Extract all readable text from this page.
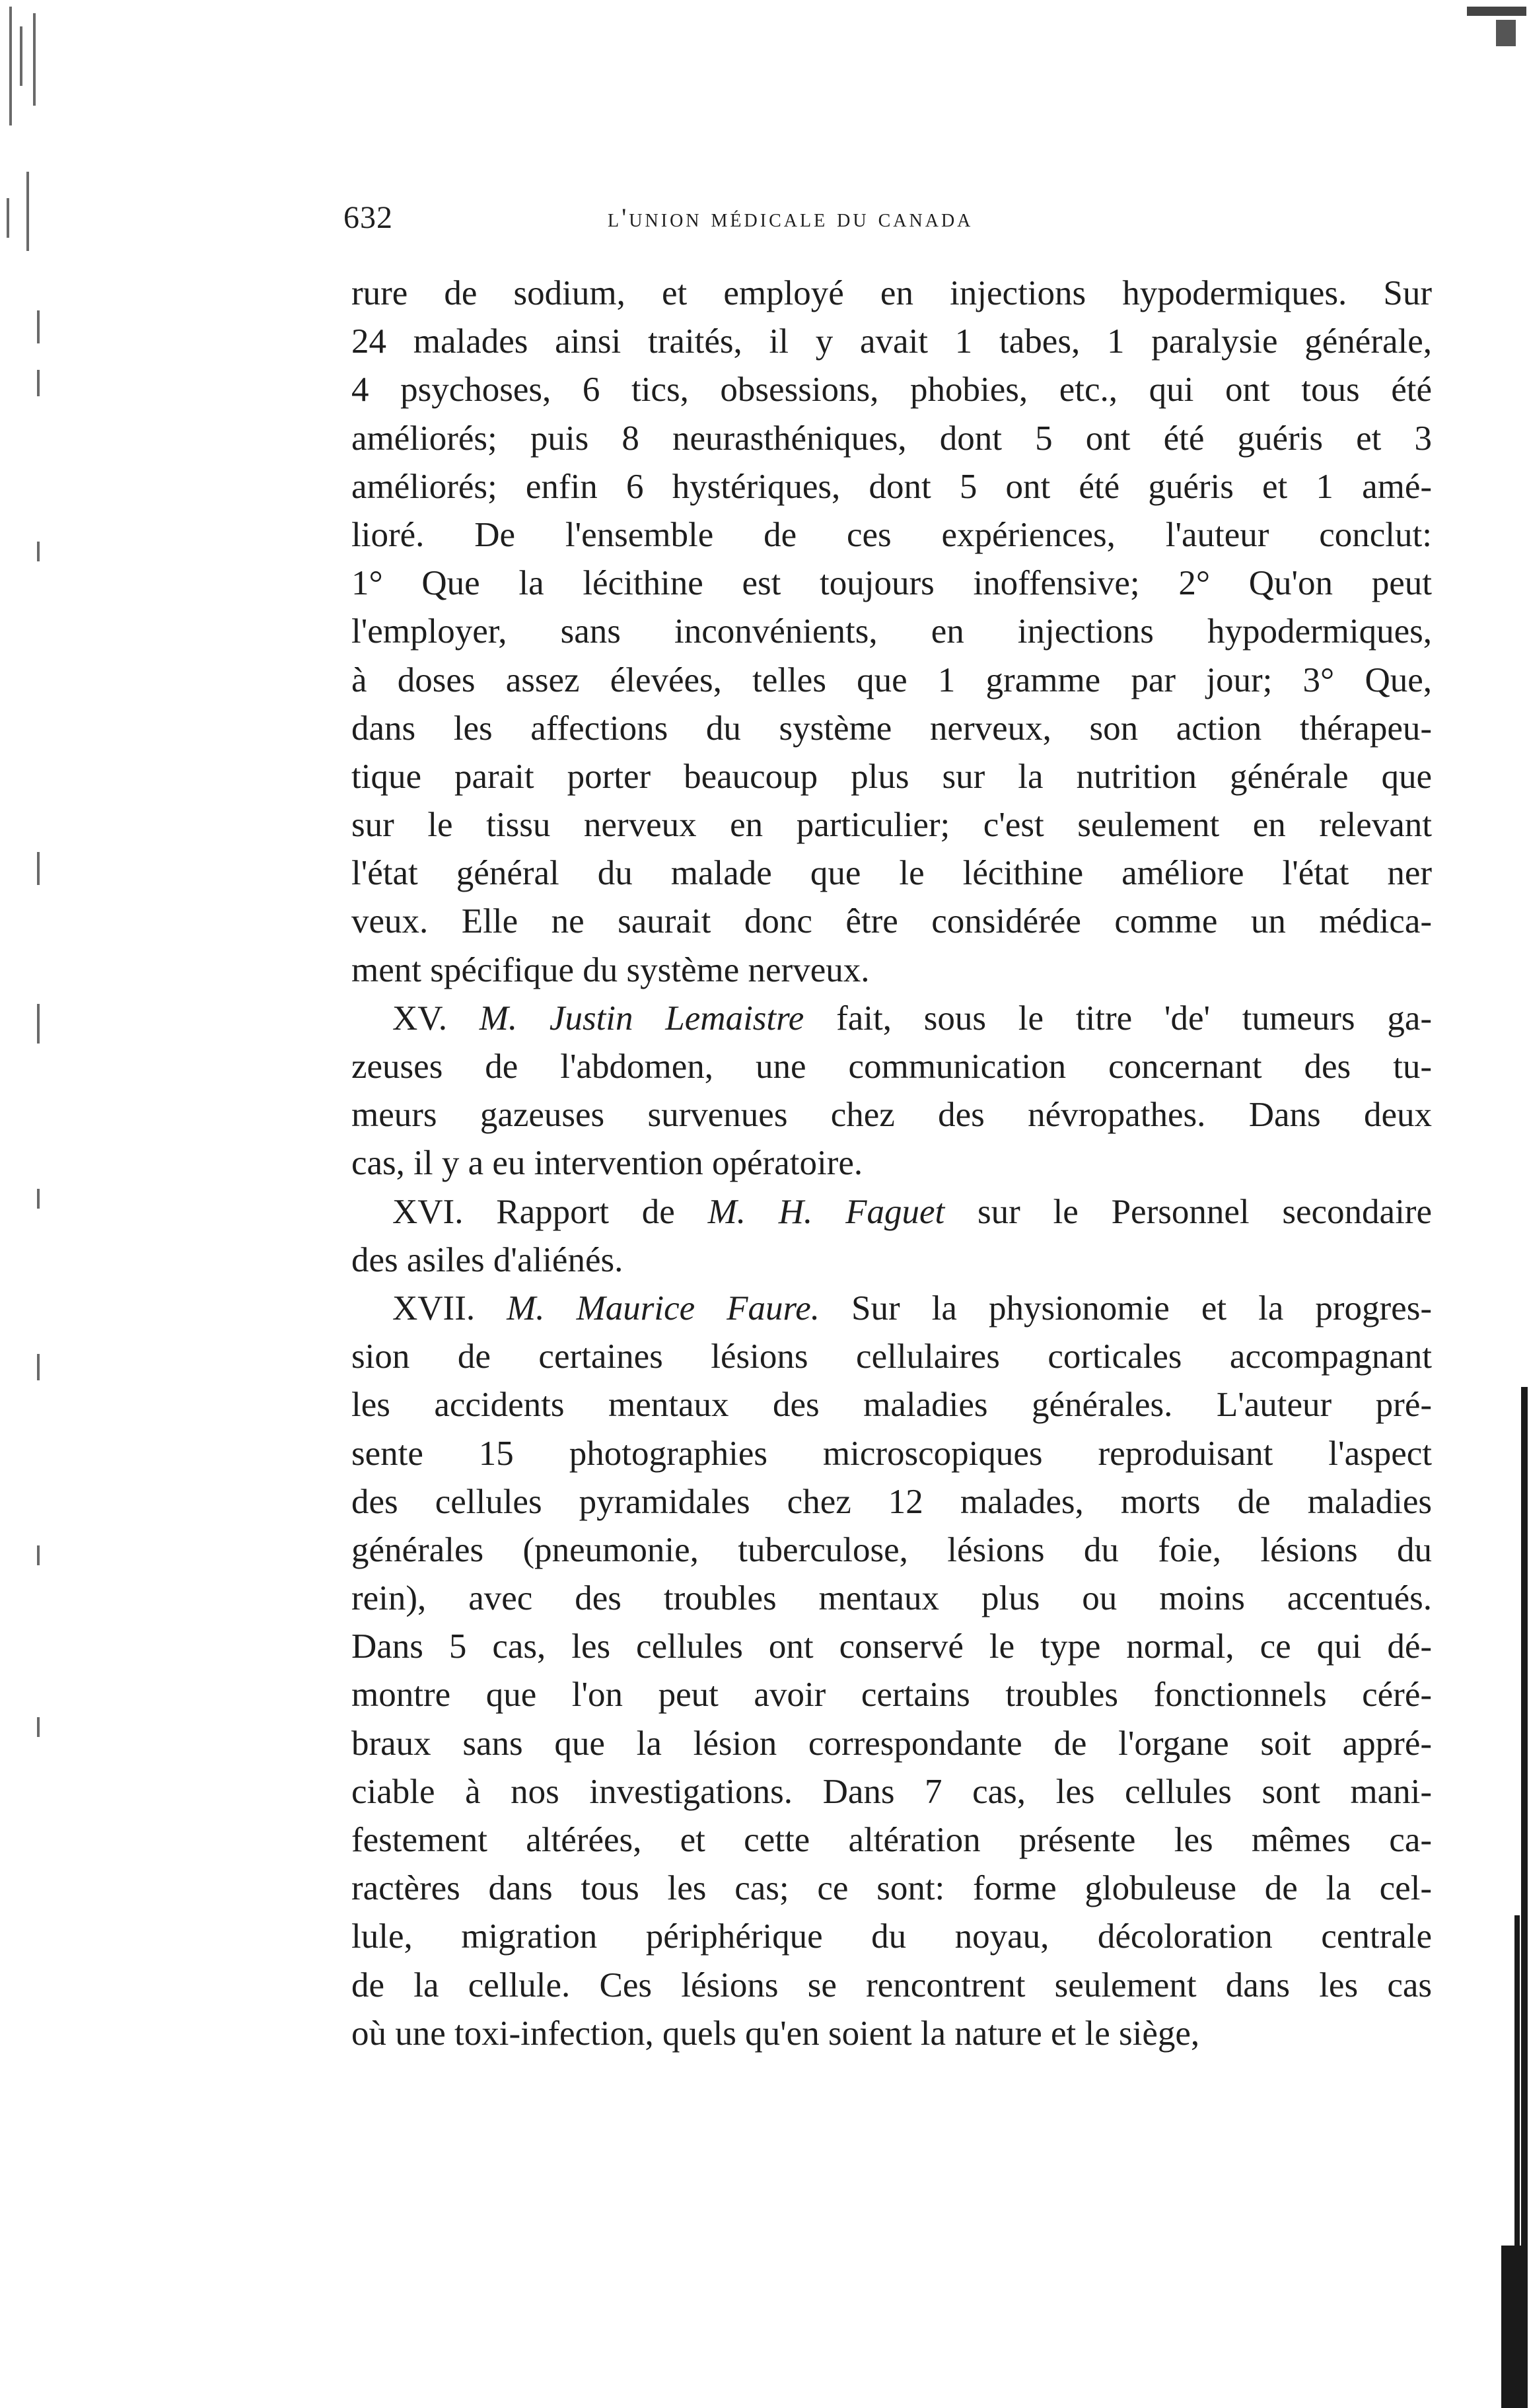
632	l'union médicale du canada
rure de sodium, et employé en injections hypodermiques. Sur
24 malades ainsi traités, il y avait 1 tabes, 1 paralysie générale,
4 psychoses, 6 tics, obsessions, phobies, etc., qui ont tous été
améliorés; puis 8 neurasthéniques, dont 5 ont été guéris et 3
améliorés; enfin 6 hystériques, dont 5 ont été guéris et 1 amé-
lioré. De l'ensemble de ces expériences, l'auteur conclut:
1° Que la lécithine est toujours inoffensive; 2° Qu'on peut
l'employer, sans inconvénients, en injections hypodermiques,
à doses assez élevées, telles que 1 gramme par jour; 3° Que,
dans les affections du système nerveux, son action thérapeu-
tique parait porter beaucoup plus sur la nutrition générale que
sur le tissu nerveux en particulier; c'est seulement en relevant
l'état général du malade que le lécithine améliore l'état ner
veux. Elle ne saurait donc être considérée comme un médica-
ment spécifique du système nerveux.
XV. M. Justin Lemaistre fait, sous le titre 'de' tumeurs ga-
zeuses de l'abdomen, une communication concernant des tu-
meurs gazeuses survenues chez des névropathes. Dans deux
cas, il y a eu intervention opératoire.
XVI. Rapport de M. H. Faguet sur le Personnel secondaire
des asiles d'aliénés.
XVII. M. Maurice Faure. Sur la physionomie et la progres-
sion de certaines lésions cellulaires corticales accompagnant
les accidents mentaux des maladies générales. L'auteur pré-
sente 15 photographies microscopiques reproduisant l'aspect
des cellules pyramidales chez 12 malades, morts de maladies
générales (pneumonie, tuberculose, lésions du foie, lésions du
rein), avec des troubles mentaux plus ou moins accentués.
Dans 5 cas, les cellules ont conservé le type normal, ce qui dé-
montre que l'on peut avoir certains troubles fonctionnels céré-
braux sans que la lésion correspondante de l'organe soit appré-
ciable à nos investigations. Dans 7 cas, les cellules sont mani-
festement altérées, et cette altération présente les mêmes ca-
ractères dans tous les cas; ce sont: forme globuleuse de la cel-
lule, migration périphérique du noyau, décoloration centrale
de la cellule. Ces lésions se rencontrent seulement dans les cas
où une toxi-infection, quels qu'en soient la nature et le siège,
